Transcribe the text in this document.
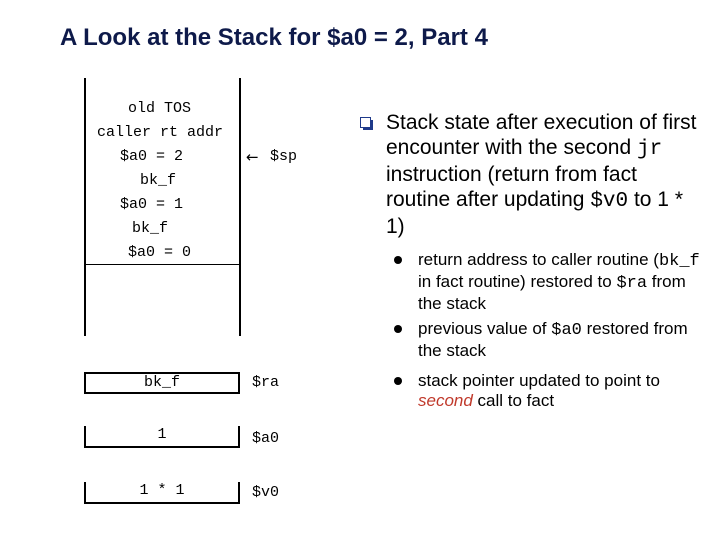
A Look at the Stack for $a0 = 2, Part 4
old TOS
caller rt addr
$a0 = 2
bk_f
$a0 = 1
bk_f
$a0 = 0
← $sp
bk_f	$ra
1	$a0
1 * 1	$v0
Stack state after execution of first encounter with the second jr instruction (return from fact routine after updating $v0 to 1 * 1)
return address to caller routine (bk_f in fact routine) restored to $ra from the stack
previous value of $a0 restored from the stack
stack pointer updated to point to second call to fact
